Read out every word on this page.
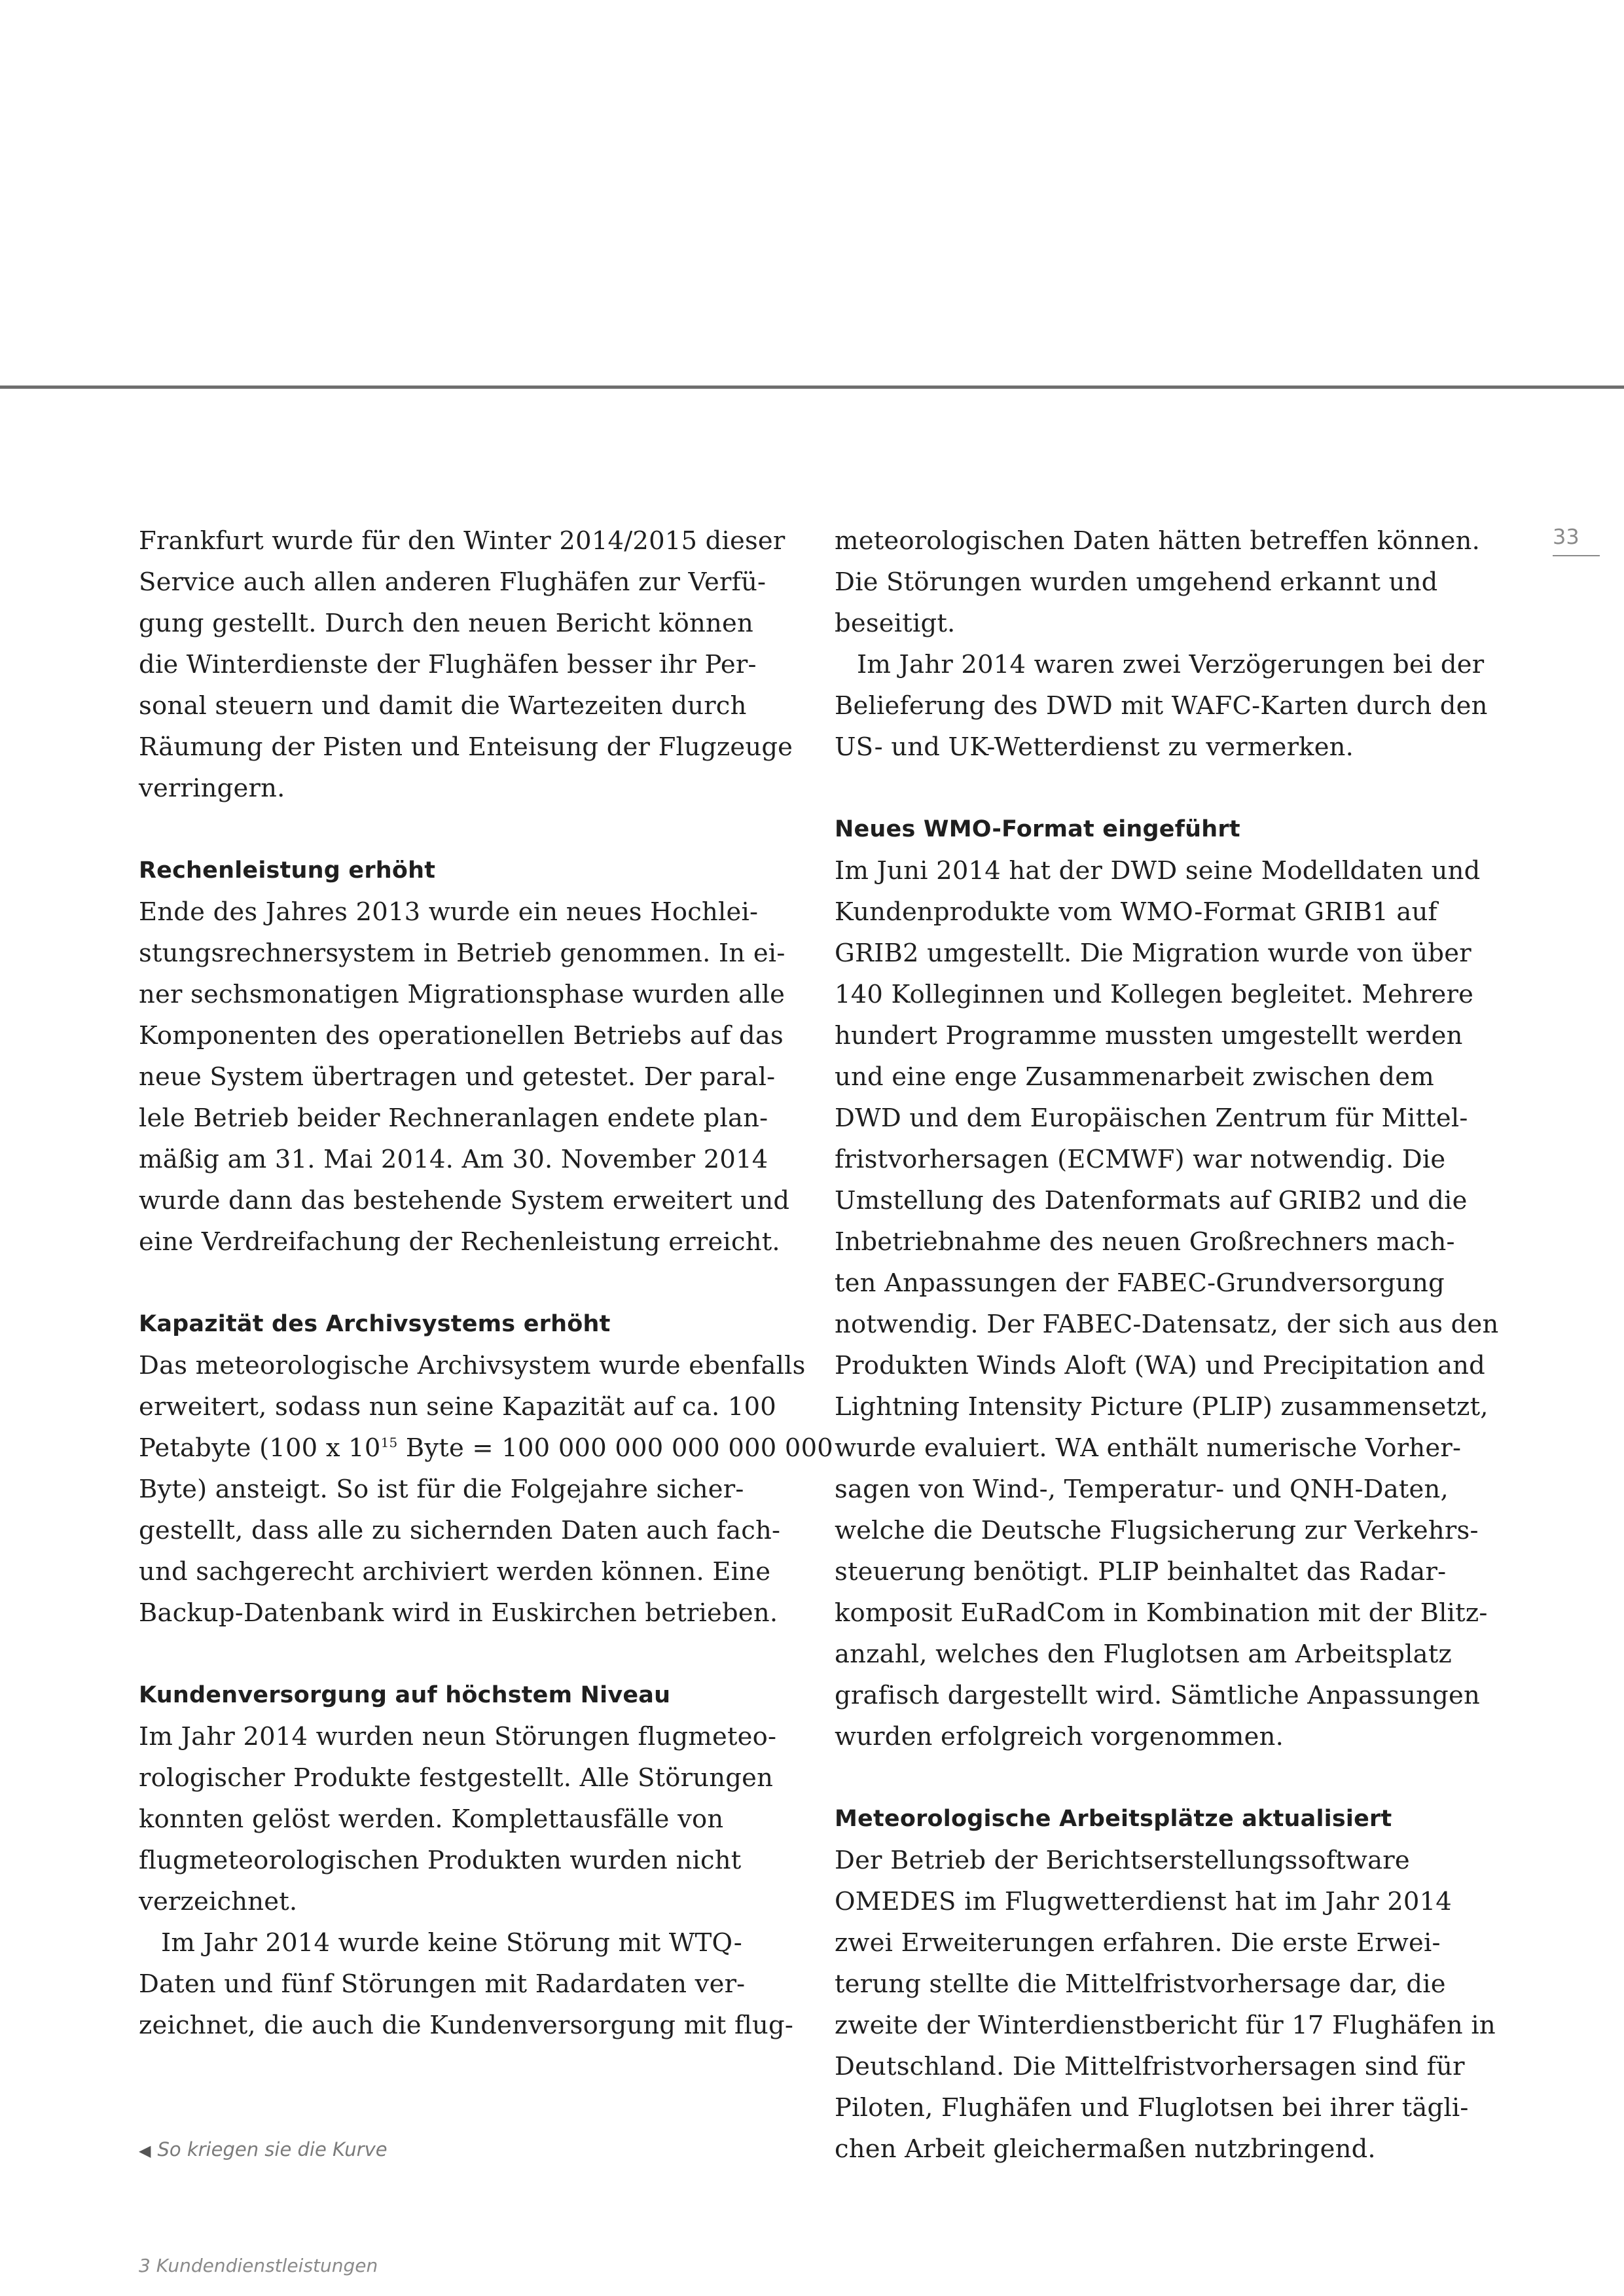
33
Frankfurt wurde für den Winter 2014/2015 dieser
Service auch allen anderen Flughäfen zur Verfü-
gung gestellt. Durch den neuen Bericht können
die Winterdienste der Flughäfen besser ihr Per-
sonal steuern und damit die Wartezeiten durch
Räumung der Pisten und Enteisung der Flugzeuge
verringern.
Rechenleistung erhöht
Ende des Jahres 2013 wurde ein neues Hochlei-
stungsrechnersystem in Betrieb genommen. In ei-
ner sechsmonatigen Migrationsphase wurden alle
Komponenten des operationellen Betriebs auf das
neue System übertragen und getestet. Der paral-
lele Betrieb beider Rechneranlagen endete plan-
mäßig am 31. Mai 2014. Am 30. November 2014
wurde dann das bestehende System erweitert und
eine Verdreifachung der Rechenleistung erreicht.
Kapazität des Archivsystems erhöht
Das meteorologische Archivsystem wurde ebenfalls
erweitert, sodass nun seine Kapazität auf ca. 100
Petabyte (100 x $10^{15}$ Byte = 100 000 000 000 000 000
Byte) ansteigt. So ist für die Folgejahre sicher-
gestellt, dass alle zu sichernden Daten auch fach-
und sachgerecht archiviert werden können. Eine
Backup-Datenbank wird in Euskirchen betrieben.
Kundenversorgung auf höchstem Niveau
Im Jahr 2014 wurden neun Störungen flugmeteo-
rologischer Produkte festgestellt. Alle Störungen
konnten gelöst werden. Komplettausfälle von
flugmeteorologischen Produkten wurden nicht
verzeichnet.
Im Jahr 2014 wurde keine Störung mit WTQ-
Daten und fünf Störungen mit Radardaten ver-
zeichnet, die auch die Kundenversorgung mit flug-
meteorologischen Daten hätten betreffen können.
Die Störungen wurden umgehend erkannt und
beseitigt.
Im Jahr 2014 waren zwei Verzögerungen bei der
Belieferung des DWD mit WAFC-Karten durch den
US- und UK-Wetterdienst zu vermerken.
Neues WMO-Format eingeführt
Im Juni 2014 hat der DWD seine Modelldaten und
Kundenprodukte vom WMO-Format GRIB1 auf
GRIB2 umgestellt. Die Migration wurde von über
140 Kolleginnen und Kollegen begleitet. Mehrere
hundert Programme mussten umgestellt werden
und eine enge Zusammenarbeit zwischen dem
DWD und dem Europäischen Zentrum für Mittel-
fristvorhersagen (ECMWF) war notwendig. Die
Umstellung des Datenformats auf GRIB2 und die
Inbetriebnahme des neuen Großrechners mach-
ten Anpassungen der FABEC-Grundversorgung
notwendig. Der FABEC-Datensatz, der sich aus den
Produkten Winds Aloft (WA) und Precipitation and
Lightning Intensity Picture (PLIP) zusammensetzt,
wurde evaluiert. WA enthält numerische Vorher-
sagen von Wind-, Temperatur- und QNH-Daten,
welche die Deutsche Flugsicherung zur Verkehrs-
steuerung benötigt. PLIP beinhaltet das Radar-
komposit EuRadCom in Kombination mit der Blitz-
anzahl, welches den Fluglotsen am Arbeitsplatz
grafisch dargestellt wird. Sämtliche Anpassungen
wurden erfolgreich vorgenommen.
Meteorologische Arbeitsplätze aktualisiert
Der Betrieb der Berichtserstellungssoftware
OMEDES im Flugwetterdienst hat im Jahr 2014
zwei Erweiterungen erfahren. Die erste Erwei-
terung stellte die Mittelfristvorhersage dar, die
zweite der Winterdienstbericht für 17 Flughäfen in
Deutschland. Die Mittelfristvorhersagen sind für
Piloten, Flughäfen und Fluglotsen bei ihrer tägli-
chen Arbeit gleichermaßen nutzbringend.
◀ So kriegen sie die Kurve
3 Kundendienstleistungen
